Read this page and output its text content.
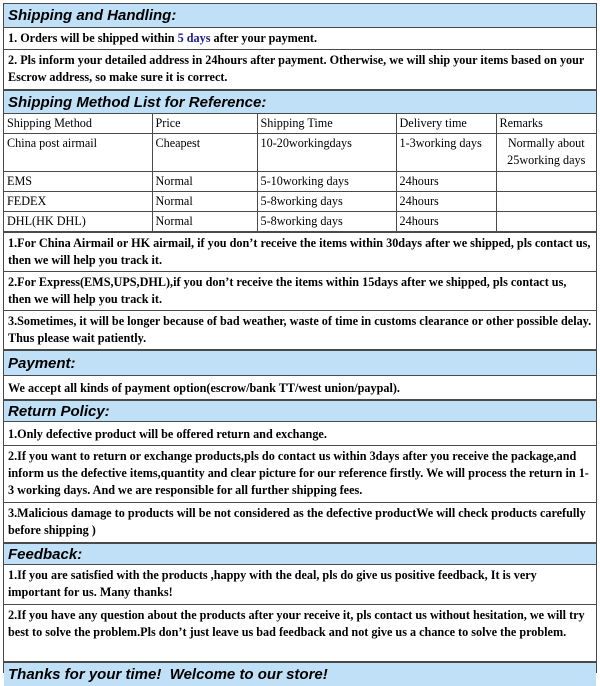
Shipping and Handling:
1. Orders will be shipped within 5 days after your payment.
2. Pls inform your detailed address in 24hours after payment. Otherwise, we will ship your items based on your Escrow address, so make sure it is correct.
Shipping Method List for Reference:
Shipping Method	Price	Shipping Time	Delivery time	Remarks
China post airmail	Cheapest	10-20workingdays	1-3working days	Normally about 25working days
EMS	Normal	5-10working days	24hours	
FEDEX	Normal	5-8working days	24hours	
DHL(HK DHL)	Normal	5-8working days	24hours	
1.For China Airmail or HK airmail, if you don’t receive the items within 30days after we shipped, pls contact us, then we will help you track it.
2.For Express(EMS,UPS,DHL),if you don’t receive the items within 15days after we shipped, pls contact us, then we will help you track it.
3.Sometimes, it will be longer because of bad weather, waste of time in customs clearance or other possible delay. Thus please wait patiently.
Payment:
We accept all kinds of payment option(escrow/bank TT/west union/paypal).
Return Policy:
1.Only defective product will be offered return and exchange.
2.If you want to return or exchange products,pls do contact us within 3days after you receive the package,and inform us the defective items,quantity and clear picture for our reference firstly. We will process the return in 1-3 working days. And we are responsible for all further shipping fees.
3.Malicious damage to products will be not considered as the defective productWe will check products carefully before shipping )
Feedback:
1.If you are satisfied with the products ,happy with the deal, pls do give us positive feedback, It is very important for us. Many thanks!
2.If you have any question about the products after your receive it, pls contact us without hesitation, we will try best to solve the problem.Pls don’t just leave us bad feedback and not give us a chance to solve the problem.
Thanks for your time!  Welcome to our store!
